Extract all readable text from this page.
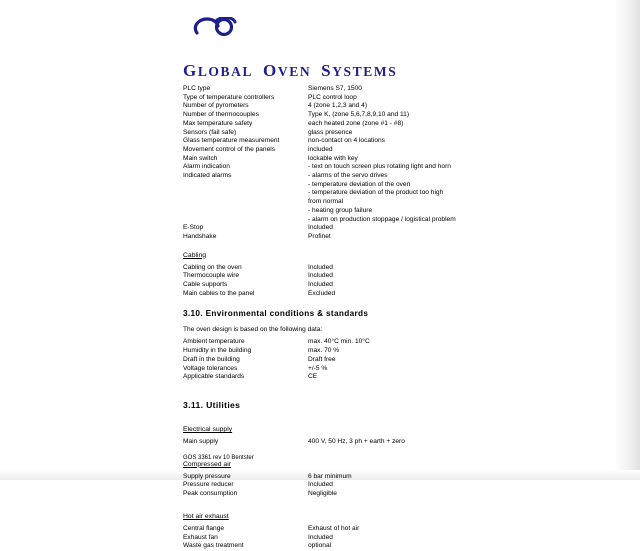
GLOBAL OVEN SYSTEMS
PLC type	Siemens S7, 1500
Type of temperature controllers	PLC control loop
Number of pyrometers	4 (zone 1,2,3 and 4)
Number of thermocouples	Type K, (zone 5,6,7,8,9,10 and 11)
Max temperature safety	each heated zone (zone #1 - #8)
Sensors (fail safe)	glass presence
Glass temperature measurement	non-contact on 4 locations
Movement control of the panels	included
Main switch	lockable with key
Alarm indication	- text on touch screen plus rotating light and horn
Indicated alarms	- alarms of the servo drives
	- temperature deviation of the oven
	- temperature deviation of the product too high
	from normal
	- heating group failure
	- alarm on production stoppage / logistical problem
E-Stop	Included
Handshake	Profinet
Cabling
Cabling on the oven	Included
Thermocouple wire	Included
Cable supports	Included
Main cables to the panel	Excluded
3.10. Environmental conditions & standards
The oven design is based on the following data:
Ambient temperature	max. 40°C min. 10°C
Humidity in the building	max. 70 %
Draft in the building	Draft free
Voltage tolerances	+/-5 %
Applicable standards	CE
3.11. Utilities
Electrical supply
Main supply	400 V, 50 Hz, 3 ph + earth + zero
Compressed air
Supply pressure	6 bar minimum
Pressure reducer	Included
Peak consumption	Negligible
Hot air exhaust
Central flange	Exhaust of hot air
Exhaust fan	Included
Waste gas treatment	optional
GOS 3361 rev 10 Bentster
